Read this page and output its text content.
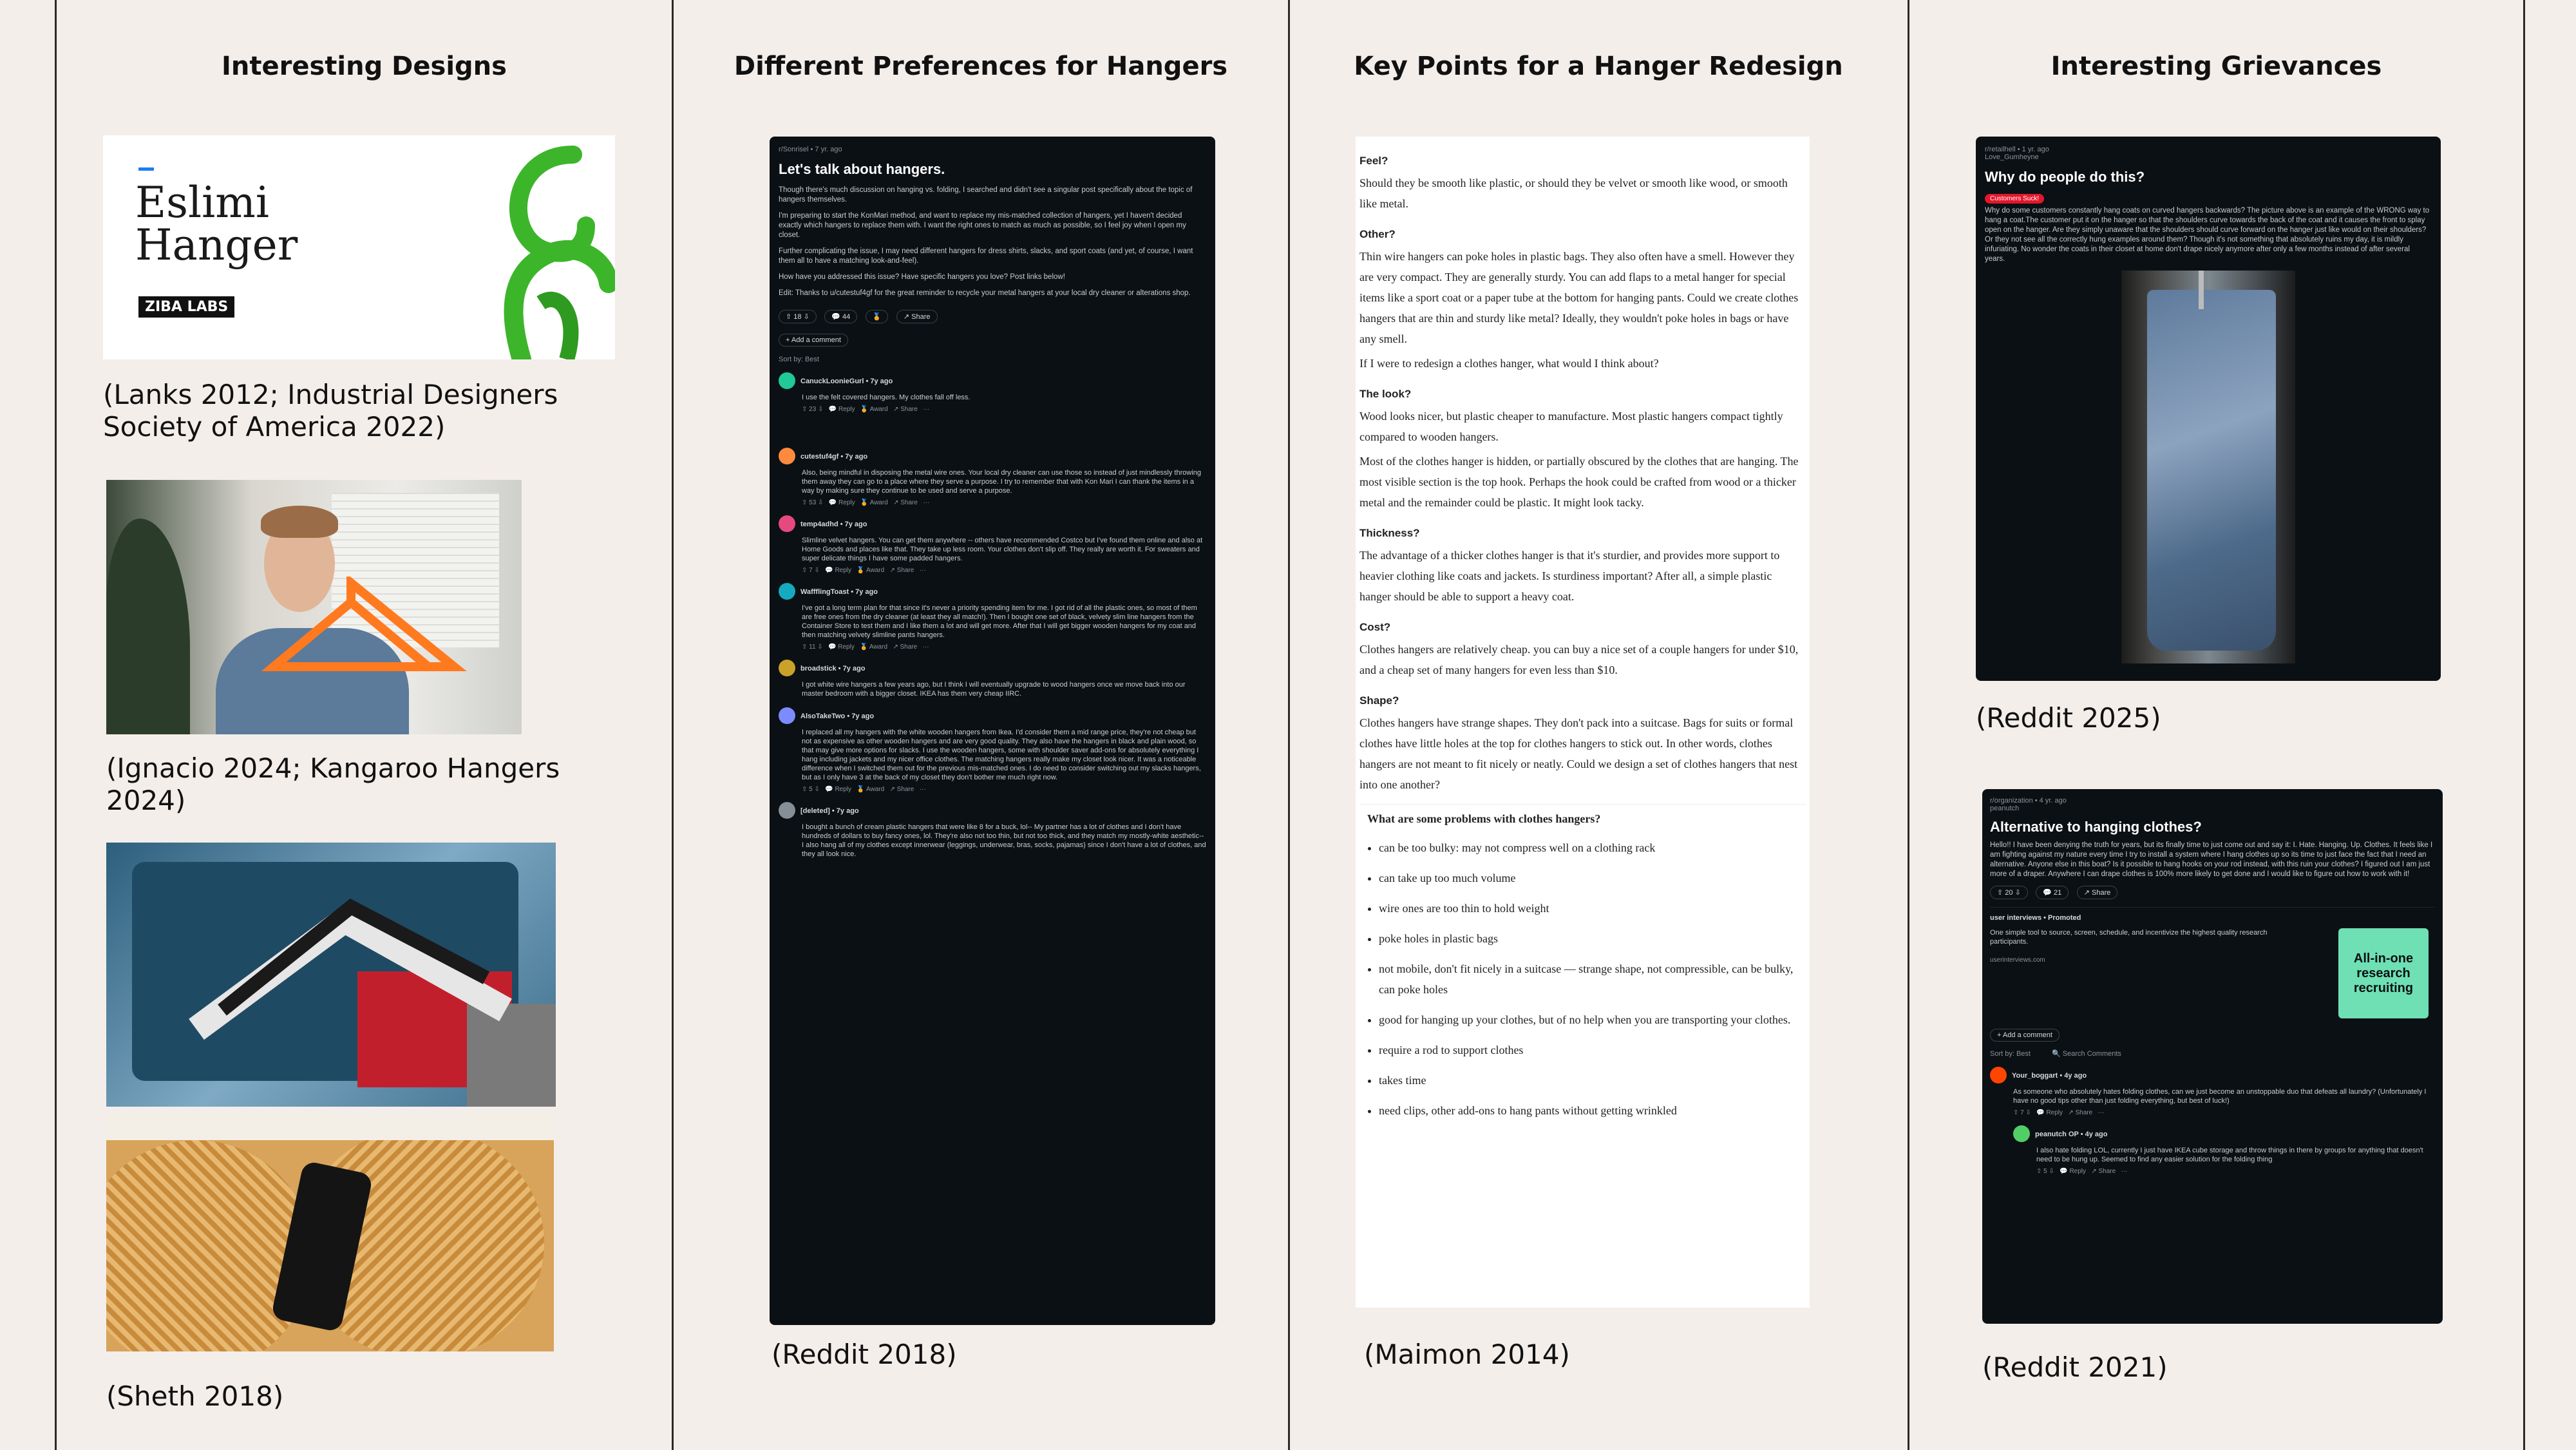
Interesting Designs	Different Preferences for Hangers	Key Points for a Hanger Redesign	Interesting Grievances
Eslimi
Hanger
ZIBA LABS
(Lanks 2012; Industrial Designers Society of America 2022)
(Ignacio 2024; Kangaroo Hangers 2024)
(Sheth 2018)
r/Sonrisel • 7 yr. ago
Let's talk about hangers.

Though there's much discussion on hanging vs. folding, I searched and didn't see a singular post specifically about the topic of hangers themselves.

I'm preparing to start the KonMari method, and want to replace my mis-matched collection of hangers, yet I haven't decided exactly which hangers to replace them with. I want the right ones to match as much as possible, so I feel joy when I open my closet.

Further complicating the issue, I may need different hangers for dress shirts, slacks, and sport coats (and yet, of course, I want them all to have a matching look-and-feel).

How have you addressed this issue? Have specific hangers you love? Post links below!

Edit: Thanks to u/cutestuf4gf for the great reminder to recycle your metal hangers at your local dry cleaner or alterations shop.

⇧ 18 ⇩	💬 44	🏅	↗ Share
+ Add a comment
Sort by: Best
CanuckLoonieGurl • 7y ago
I use the felt covered hangers. My clothes fall off less.
⇧ 23 ⇩   💬 Reply   🏅 Award   ↗ Share   ···
cutestuf4gf • 7y ago
Also, being mindful in disposing the metal wire ones. Your local dry cleaner can use those so instead of just mindlessly throwing them away they can go to a place where they serve a purpose. I try to remember that with Kon Mari I can thank the items in a way by making sure they continue to be used and serve a purpose.
⇧ 53 ⇩   💬 Reply   🏅 Award   ↗ Share   ···
temp4adhd • 7y ago
Slimline velvet hangers. You can get them anywhere -- others have recommended Costco but I've found them online and also at Home Goods and places like that. They take up less room. Your clothes don't slip off. They really are worth it. For sweaters and super delicate things I have some padded hangers.
⇧ 7 ⇩   💬 Reply   🏅 Award   ↗ Share   ···
WaffflingToast • 7y ago
I've got a long term plan for that since it's never a priority spending item for me. I got rid of all the plastic ones, so most of them are free ones from the dry cleaner (at least they all match!). Then I bought one set of black, velvety slim line hangers from the Container Store to test them and I like them a lot and will get more. After that I will get bigger wooden hangers for my coat and then matching velvety slimline pants hangers.
⇧ 11 ⇩   💬 Reply   🏅 Award   ↗ Share   ···
broadstick • 7y ago
I got white wire hangers a few years ago, but I think I will eventually upgrade to wood hangers once we move back into our master bedroom with a bigger closet. IKEA has them very cheap IIRC.
AlsoTakeTwo • 7y ago
I replaced all my hangers with the white wooden hangers from Ikea. I'd consider them a mid range price, they're not cheap but not as expensive as other wooden hangers and are very good quality. They also have the hangers in black and plain wood, so that may give more options for slacks. I use the wooden hangers, some with shoulder saver add-ons for absolutely everything I hang including jackets and my nicer office clothes. The matching hangers really make my closet look nicer. It was a noticeable difference when I switched them out for the previous mis-matched ones. I do need to consider switching out my slacks hangers, but as I only have 3 at the back of my closet they don't bother me much right now.
⇧ 5 ⇩   💬 Reply   🏅 Award   ↗ Share   ···
[deleted] • 7y ago
I bought a bunch of cream plastic hangers that were like 8 for a buck, lol-- My partner has a lot of clothes and I don't have hundreds of dollars to buy fancy ones, lol. They're also not too thin, but not too thick, and they match my mostly-white aesthetic-- I also hang all of my clothes except innerwear (leggings, underwear, bras, socks, pajamas) since I don't have a lot of clothes, and they all look nice.
(Reddit 2018)
Feel?

Should they be smooth like plastic, or should they be velvet or smooth like wood, or smooth like metal.

Other?

Thin wire hangers can poke holes in plastic bags. They also often have a smell. However they are very compact. They are generally sturdy. You can add flaps to a metal hanger for special items like a sport coat or a paper tube at the bottom for hanging pants. Could we create clothes hangers that are thin and sturdy like metal? Ideally, they wouldn't poke holes in bags or have any smell.

If I were to redesign a clothes hanger, what would I think about?

The look?

Wood looks nicer, but plastic cheaper to manufacture. Most plastic hangers compact tightly compared to wooden hangers.

Most of the clothes hanger is hidden, or partially obscured by the clothes that are hanging. The most visible section is the top hook. Perhaps the hook could be crafted from wood or a thicker metal and the remainder could be plastic. It might look tacky.

Thickness?

The advantage of a thicker clothes hanger is that it's sturdier, and provides more support to heavier clothing like coats and jackets. Is sturdiness important? After all, a simple plastic hanger should be able to support a heavy coat.

Cost?

Clothes hangers are relatively cheap. you can buy a nice set of a couple hangers for under $10, and a cheap set of many hangers for even less than $10.

Shape?

Clothes hangers have strange shapes. They don't pack into a suitcase. Bags for suits or formal clothes have little holes at the top for clothes hangers to stick out. In other words, clothes hangers are not meant to fit nicely or neatly. Could we design a set of clothes hangers that nest into one another?

What are some problems with clothes hangers?
• can be too bulky: may not compress well on a clothing rack
• can take up too much volume
• wire ones are too thin to hold weight
• poke holes in plastic bags
• not mobile, don't fit nicely in a suitcase — strange shape, not compressible, can be bulky, can poke holes
• good for hanging up your clothes, but of no help when you are transporting your clothes.
• require a rod to support clothes
• takes time
• need clips, other add-ons to hang pants without getting wrinkled
(Maimon 2014)
r/retailhell • 1 yr. ago
Love_Gumheyne
Why do people do this?
Customers Suck!

Why do some customers constantly hang coats on curved hangers backwards? The picture above is an example of the WRONG way to hang a coat.The customer put it on the hanger so that the shoulders curve towards the back of the coat and it causes the front to splay open on the hanger. Are they simply unaware that the shoulders should curve forward on the hanger just like would on their shoulders? Or they not see all the correctly hung examples around them? Though it's not something that absolutely ruins my day, it is mildly infuriating. No wonder the coats in their closet at home don't drape nicely anymore after only a few months instead of after several years.

(Reddit 2025)
r/organization • 4 yr. ago
peanutch
Alternative to hanging clothes?

Hello!! I have been denying the truth for years, but its finally time to just come out and say it: I. Hate. Hanging. Up. Clothes. It feels like I am fighting against my nature every time I try to install a system where I hang clothes up so its time to just face the fact that I need an alternative. Anyone else in this boat? Is it possible to hang hooks on your rod instead, with this ruin your clothes? I figured out I am just more of a draper. Anywhere I can drape clothes is 100% more likely to get done and I would like to figure out how to work with it!

⇧ 20 ⇩	💬 21	↗ Share
user interviews • Promoted
One simple tool to source, screen, schedule, and incentivize the highest quality research participants.
userinterviews.com	All-in-one research recruiting
+ Add a comment
Sort by: Best	🔍 Search Comments
Your_boggart • 4y ago
As someone who absolutely hates folding clothes, can we just become an unstoppable duo that defeats all laundry? (Unfortunately I have no good tips other than just folding everything, but best of luck!)
⇧ 7 ⇩   💬 Reply   ↗ Share   ···
peanutch OP • 4y ago
I also hate folding LOL, currently I just have IKEA cube storage and throw things in there by groups for anything that doesn't need to be hung up. Seemed to find any easier solution for the folding thing
⇧ 5 ⇩   💬 Reply   ↗ Share   ···
(Reddit 2021)
